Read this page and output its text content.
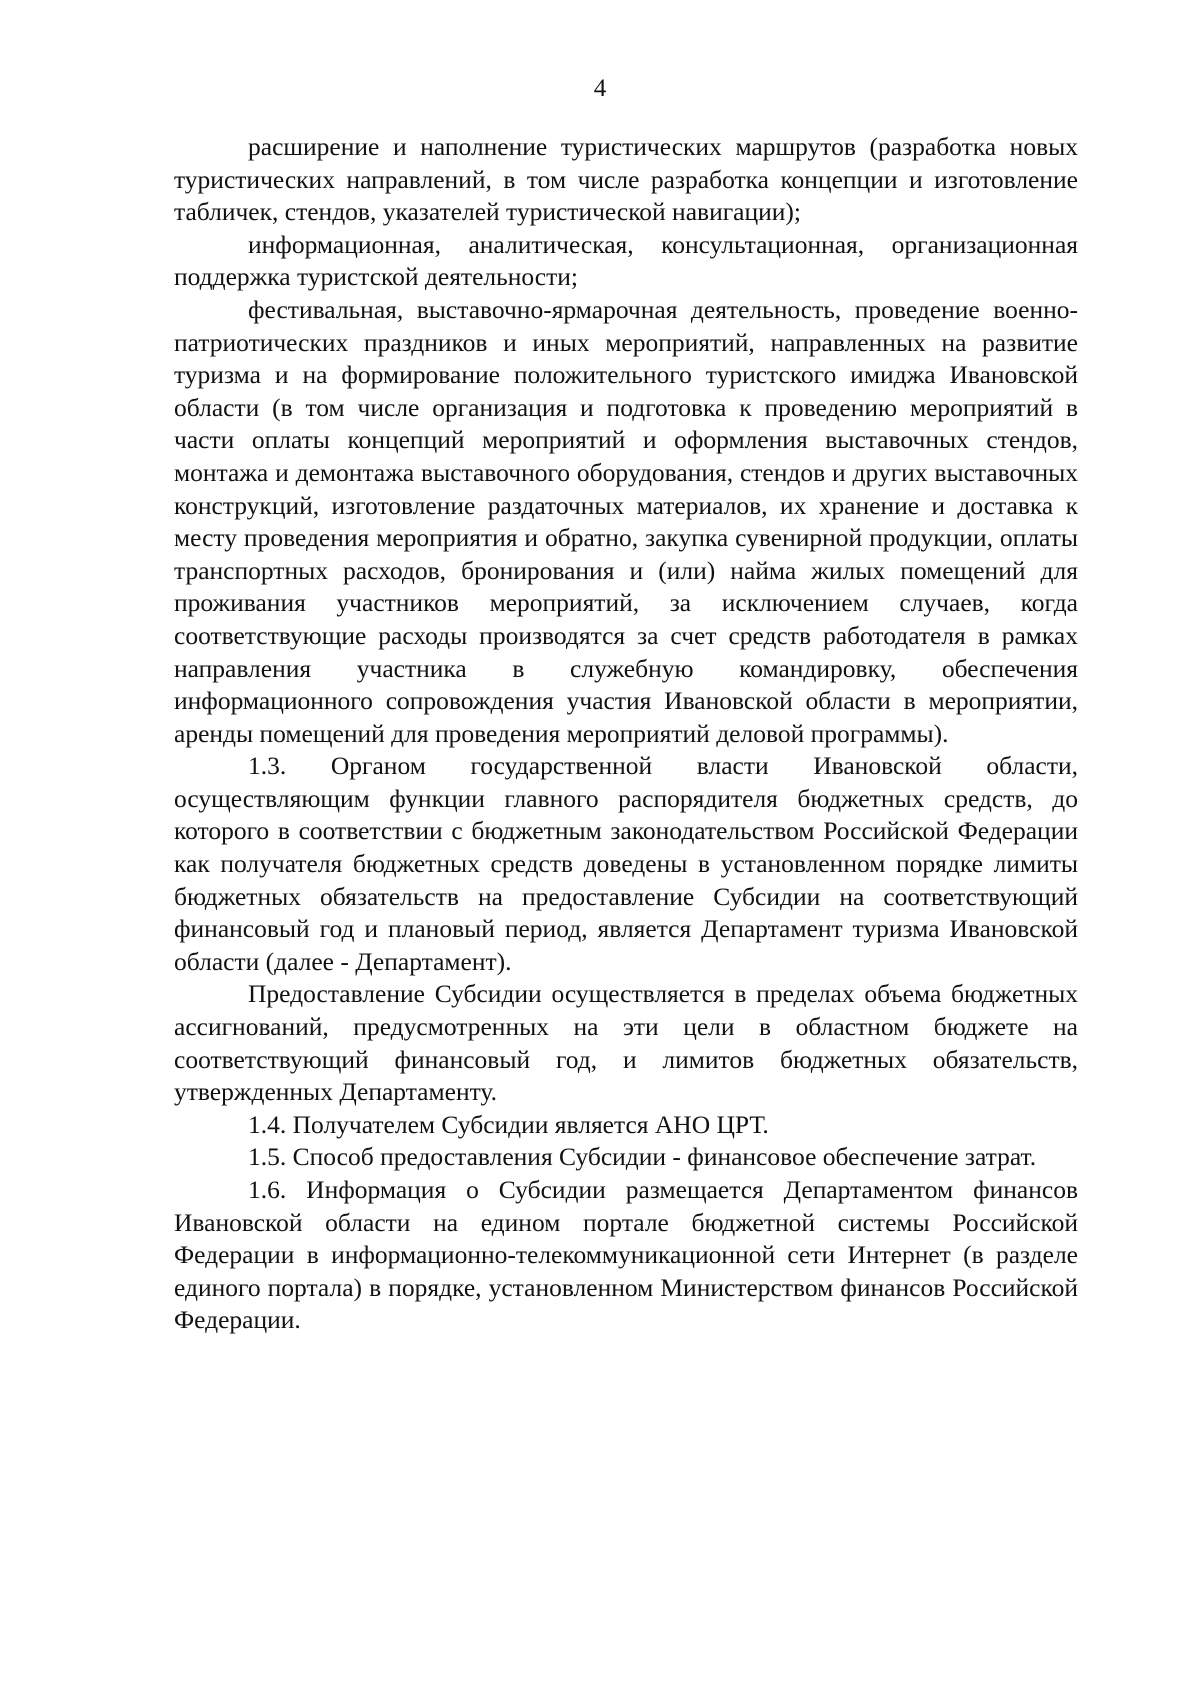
4

расширение и наполнение туристических маршрутов (разработка новых туристических направлений, в том числе разработка концепции и изготовление табличек, стендов, указателей туристической навигации);

информационная, аналитическая, консультационная, организационная поддержка туристской деятельности;

фестивальная, выставочно-ярмарочная деятельность, проведение военно-патриотических праздников и иных мероприятий, направленных на развитие туризма и на формирование положительного туристского имиджа Ивановской области (в том числе организация и подготовка к проведению мероприятий в части оплаты концепций мероприятий и оформления выставочных стендов, монтажа и демонтажа выставочного оборудования, стендов и других выставочных конструкций, изготовление раздаточных материалов, их хранение и доставка к месту проведения мероприятия и обратно, закупка сувенирной продукции, оплаты транспортных расходов, бронирования и (или) найма жилых помещений для проживания участников мероприятий, за исключением случаев, когда соответствующие расходы производятся за счет средств работодателя в рамках направления участника в служебную командировку, обеспечения информационного сопровождения участия Ивановской области в мероприятии, аренды помещений для проведения мероприятий деловой программы).

1.3. Органом государственной власти Ивановской области, осуществляющим функции главного распорядителя бюджетных средств, до которого в соответствии с бюджетным законодательством Российской Федерации как получателя бюджетных средств доведены в установленном порядке лимиты бюджетных обязательств на предоставление Субсидии на соответствующий финансовый год и плановый период, является Департамент туризма Ивановской области (далее - Департамент).

Предоставление Субсидии осуществляется в пределах объема бюджетных ассигнований, предусмотренных на эти цели в областном бюджете на соответствующий финансовый год, и лимитов бюджетных обязательств, утвержденных Департаменту.

1.4. Получателем Субсидии является АНО ЦРТ.

1.5. Способ предоставления Субсидии - финансовое обеспечение затрат.

1.6. Информация о Субсидии размещается Департаментом финансов Ивановской области на едином портале бюджетной системы Российской Федерации в информационно-телекоммуникационной сети Интернет (в разделе единого портала) в порядке, установленном Министерством финансов Российской Федерации.
